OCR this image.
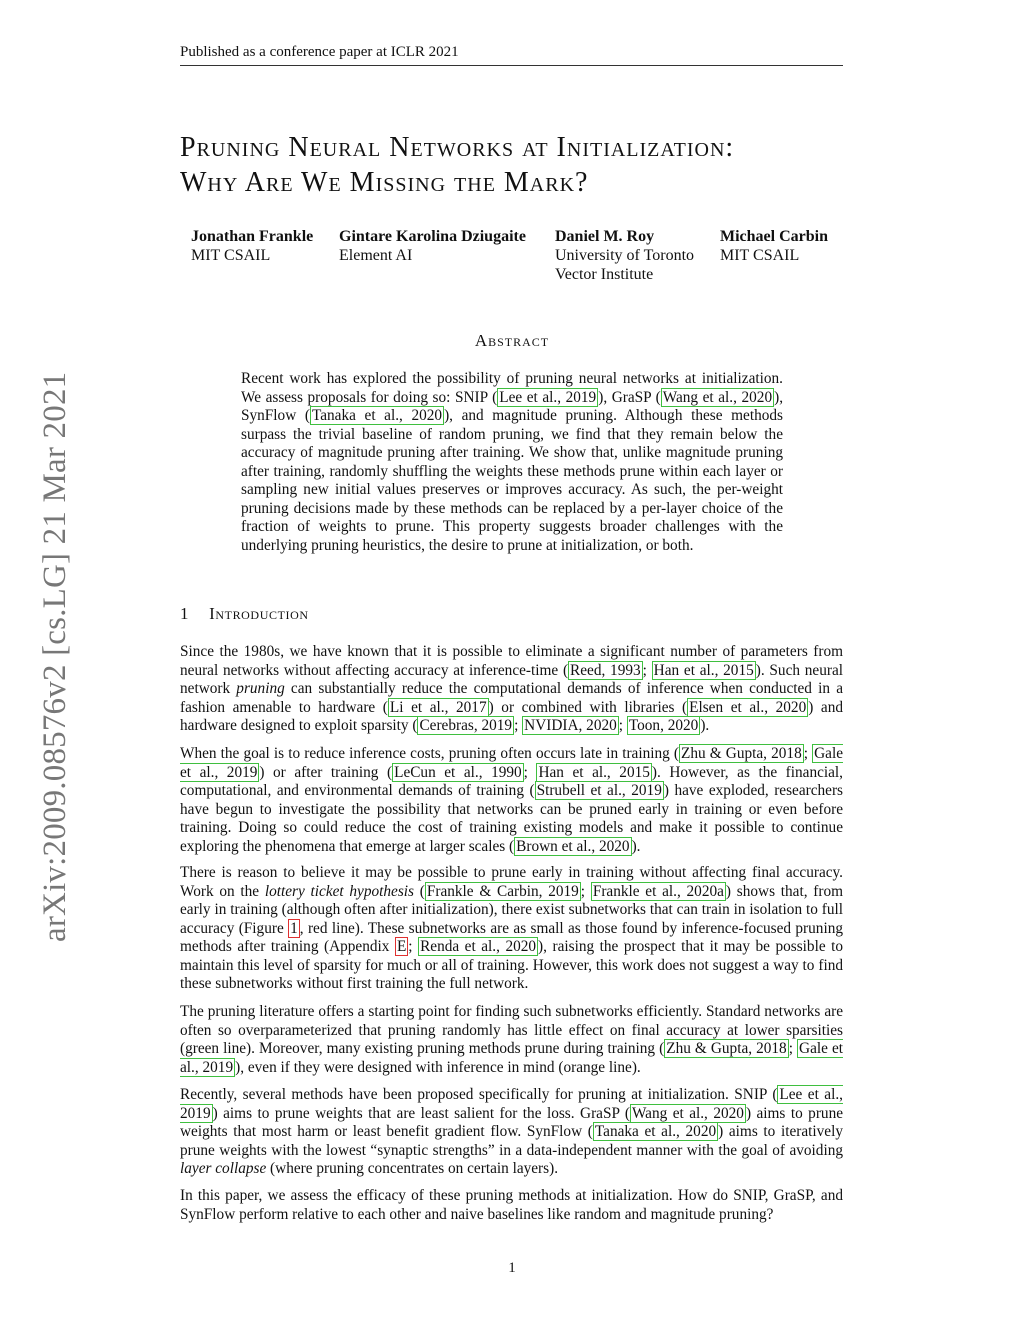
Published as a conference paper at ICLR 2021
arXiv:2009.08576v2 [cs.LG] 21 Mar 2021
Pruning Neural Networks at Initialization:
Why Are We Missing the Mark?
Jonathan Frankle
MIT CSAIL
Gintare Karolina Dziugaite
Element AI
Daniel M. Roy
University of Toronto
Vector Institute
Michael Carbin
MIT CSAIL
Abstract
Recent work has explored the possibility of pruning neural networks at initialization. We assess proposals for doing so: SNIP ( Lee et al., 2019 ), GraSP ( Wang et al., 2020 ), SynFlow ( Tanaka et al., 2020 ), and magnitude pruning. Although these methods surpass the trivial baseline of random pruning, we find that they remain below the accuracy of magnitude pruning after training. We show that, unlike magnitude pruning after training, randomly shuffling the weights these methods prune within each layer or sampling new initial values preserves or improves accuracy. As such, the per-weight pruning decisions made by these methods can be replaced by a per-layer choice of the fraction of weights to prune. This property suggests broader challenges with the underlying pruning heuristics, the desire to prune at initialization, or both.
1 Introduction
Since the 1980s, we have known that it is possible to eliminate a significant number of parameters from neural networks without affecting accuracy at inference-time ( Reed, 1993 ; Han et al., 2015 ). Such neural network pruning can substantially reduce the computational demands of inference when conducted in a fashion amenable to hardware ( Li et al., 2017 ) or combined with libraries ( Elsen et al., 2020 ) and hardware designed to exploit sparsity ( Cerebras, 2019 ; NVIDIA, 2020 ; Toon, 2020 ).
When the goal is to reduce inference costs, pruning often occurs late in training ( Zhu & Gupta, 2018 ; Gale et al., 2019 ) or after training ( LeCun et al., 1990 ; Han et al., 2015 ). However, as the financial, computational, and environmental demands of training ( Strubell et al., 2019 ) have exploded, researchers have begun to investigate the possibility that networks can be pruned early in training or even before training. Doing so could reduce the cost of training existing models and make it possible to continue exploring the phenomena that emerge at larger scales ( Brown et al., 2020 ).
There is reason to believe it may be possible to prune early in training without affecting final accuracy. Work on the lottery ticket hypothesis ( Frankle & Carbin, 2019 ; Frankle et al., 2020a ) shows that, from early in training (although often after initialization), there exist subnetworks that can train in isolation to full accuracy (Figure 1 , red line). These subnetworks are as small as those found by inference-focused pruning methods after training (Appendix E ; Renda et al., 2020 ), raising the prospect that it may be possible to maintain this level of sparsity for much or all of training. However, this work does not suggest a way to find these subnetworks without first training the full network.
The pruning literature offers a starting point for finding such subnetworks efficiently. Standard networks are often so overparameterized that pruning randomly has little effect on final accuracy at lower sparsities (green line). Moreover, many existing pruning methods prune during training ( Zhu & Gupta, 2018 ; Gale et al., 2019 ), even if they were designed with inference in mind (orange line).
Recently, several methods have been proposed specifically for pruning at initialization. SNIP ( Lee et al., 2019 ) aims to prune weights that are least salient for the loss. GraSP ( Wang et al., 2020 ) aims to prune weights that most harm or least benefit gradient flow. SynFlow ( Tanaka et al., 2020 ) aims to iteratively prune weights with the lowest “synaptic strengths” in a data-independent manner with the goal of avoiding layer collapse (where pruning concentrates on certain layers).
In this paper, we assess the efficacy of these pruning methods at initialization. How do SNIP, GraSP, and SynFlow perform relative to each other and naive baselines like random and magnitude pruning?
1
